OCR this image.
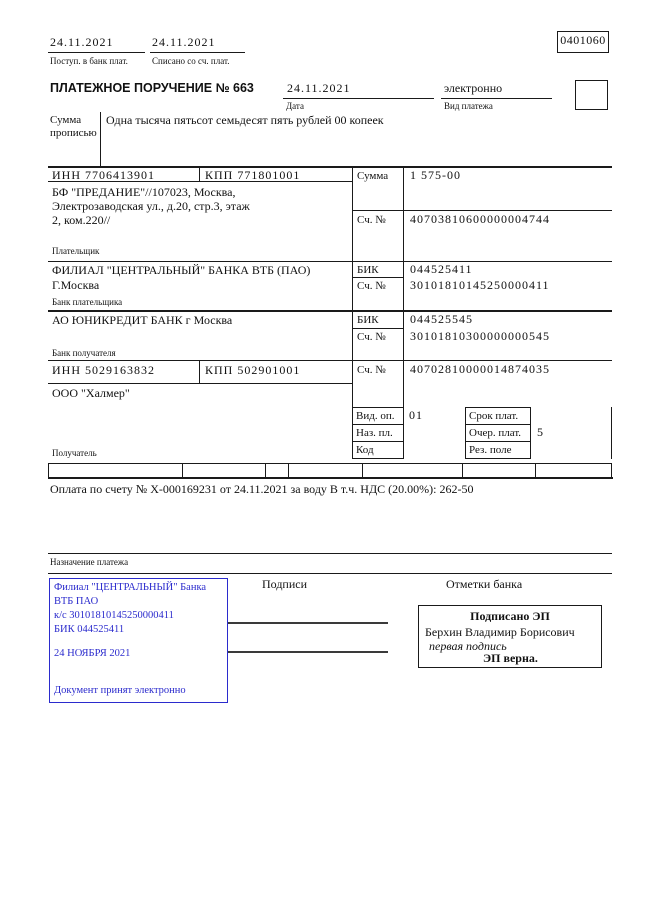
24.11.2021
Поступ. в банк плат.
24.11.2021
Списано со сч. плат.
0401060
ПЛАТЕЖНОЕ ПОРУЧЕНИЕ № 663	24.11.2021
Дата
электронно
Вид платежа
Сумма
прописью
Одна тысяча пятьсот семьдесят пять рублей 00 копеек
ИНН 7706413901	КПП 771801001	Сумма 1 575-00
БФ "ПРЕДАНИЕ"//107023, Москва,
Электрозаводская ул., д.20, стр.3, этаж
2, ком.220//	Сч. № 40703810600000004744
Плательщик
ФИЛИАЛ "ЦЕНТРАЛЬНЫЙ" БАНКА ВТБ (ПАО)
Г.Москва
БИК	044525411
Сч. № 30101810145250000411
Банк плательщика
АО ЮНИКРЕДИТ БАНК г Москва	БИК	044525545
Сч. № 30101810300000000545
Банк получателя
ИНН 5029163832	КПП 502901001	Сч. № 40702810000014874035
ООО "Халмер"
Получатель
Вид. оп. 01
Наз. пл.
Код
Срок плат.
Очер. плат. 5
Рез. поле
Оплата по счету № Х-000169231 от 24.11.2021 за воду В т.ч. НДС (20.00%): 262-50
Назначение платежа
Подписи	Отметки банка
Филиал "ЦЕНТРАЛЬНЫЙ" Банка
ВТБ ПАО
к/с 30101810145250000411
БИК 044525411
24 НОЯБРЯ 2021
Документ принят электронно
Подписано ЭП
Берхин Владимир Борисович
первая подпись
ЭП верна.
